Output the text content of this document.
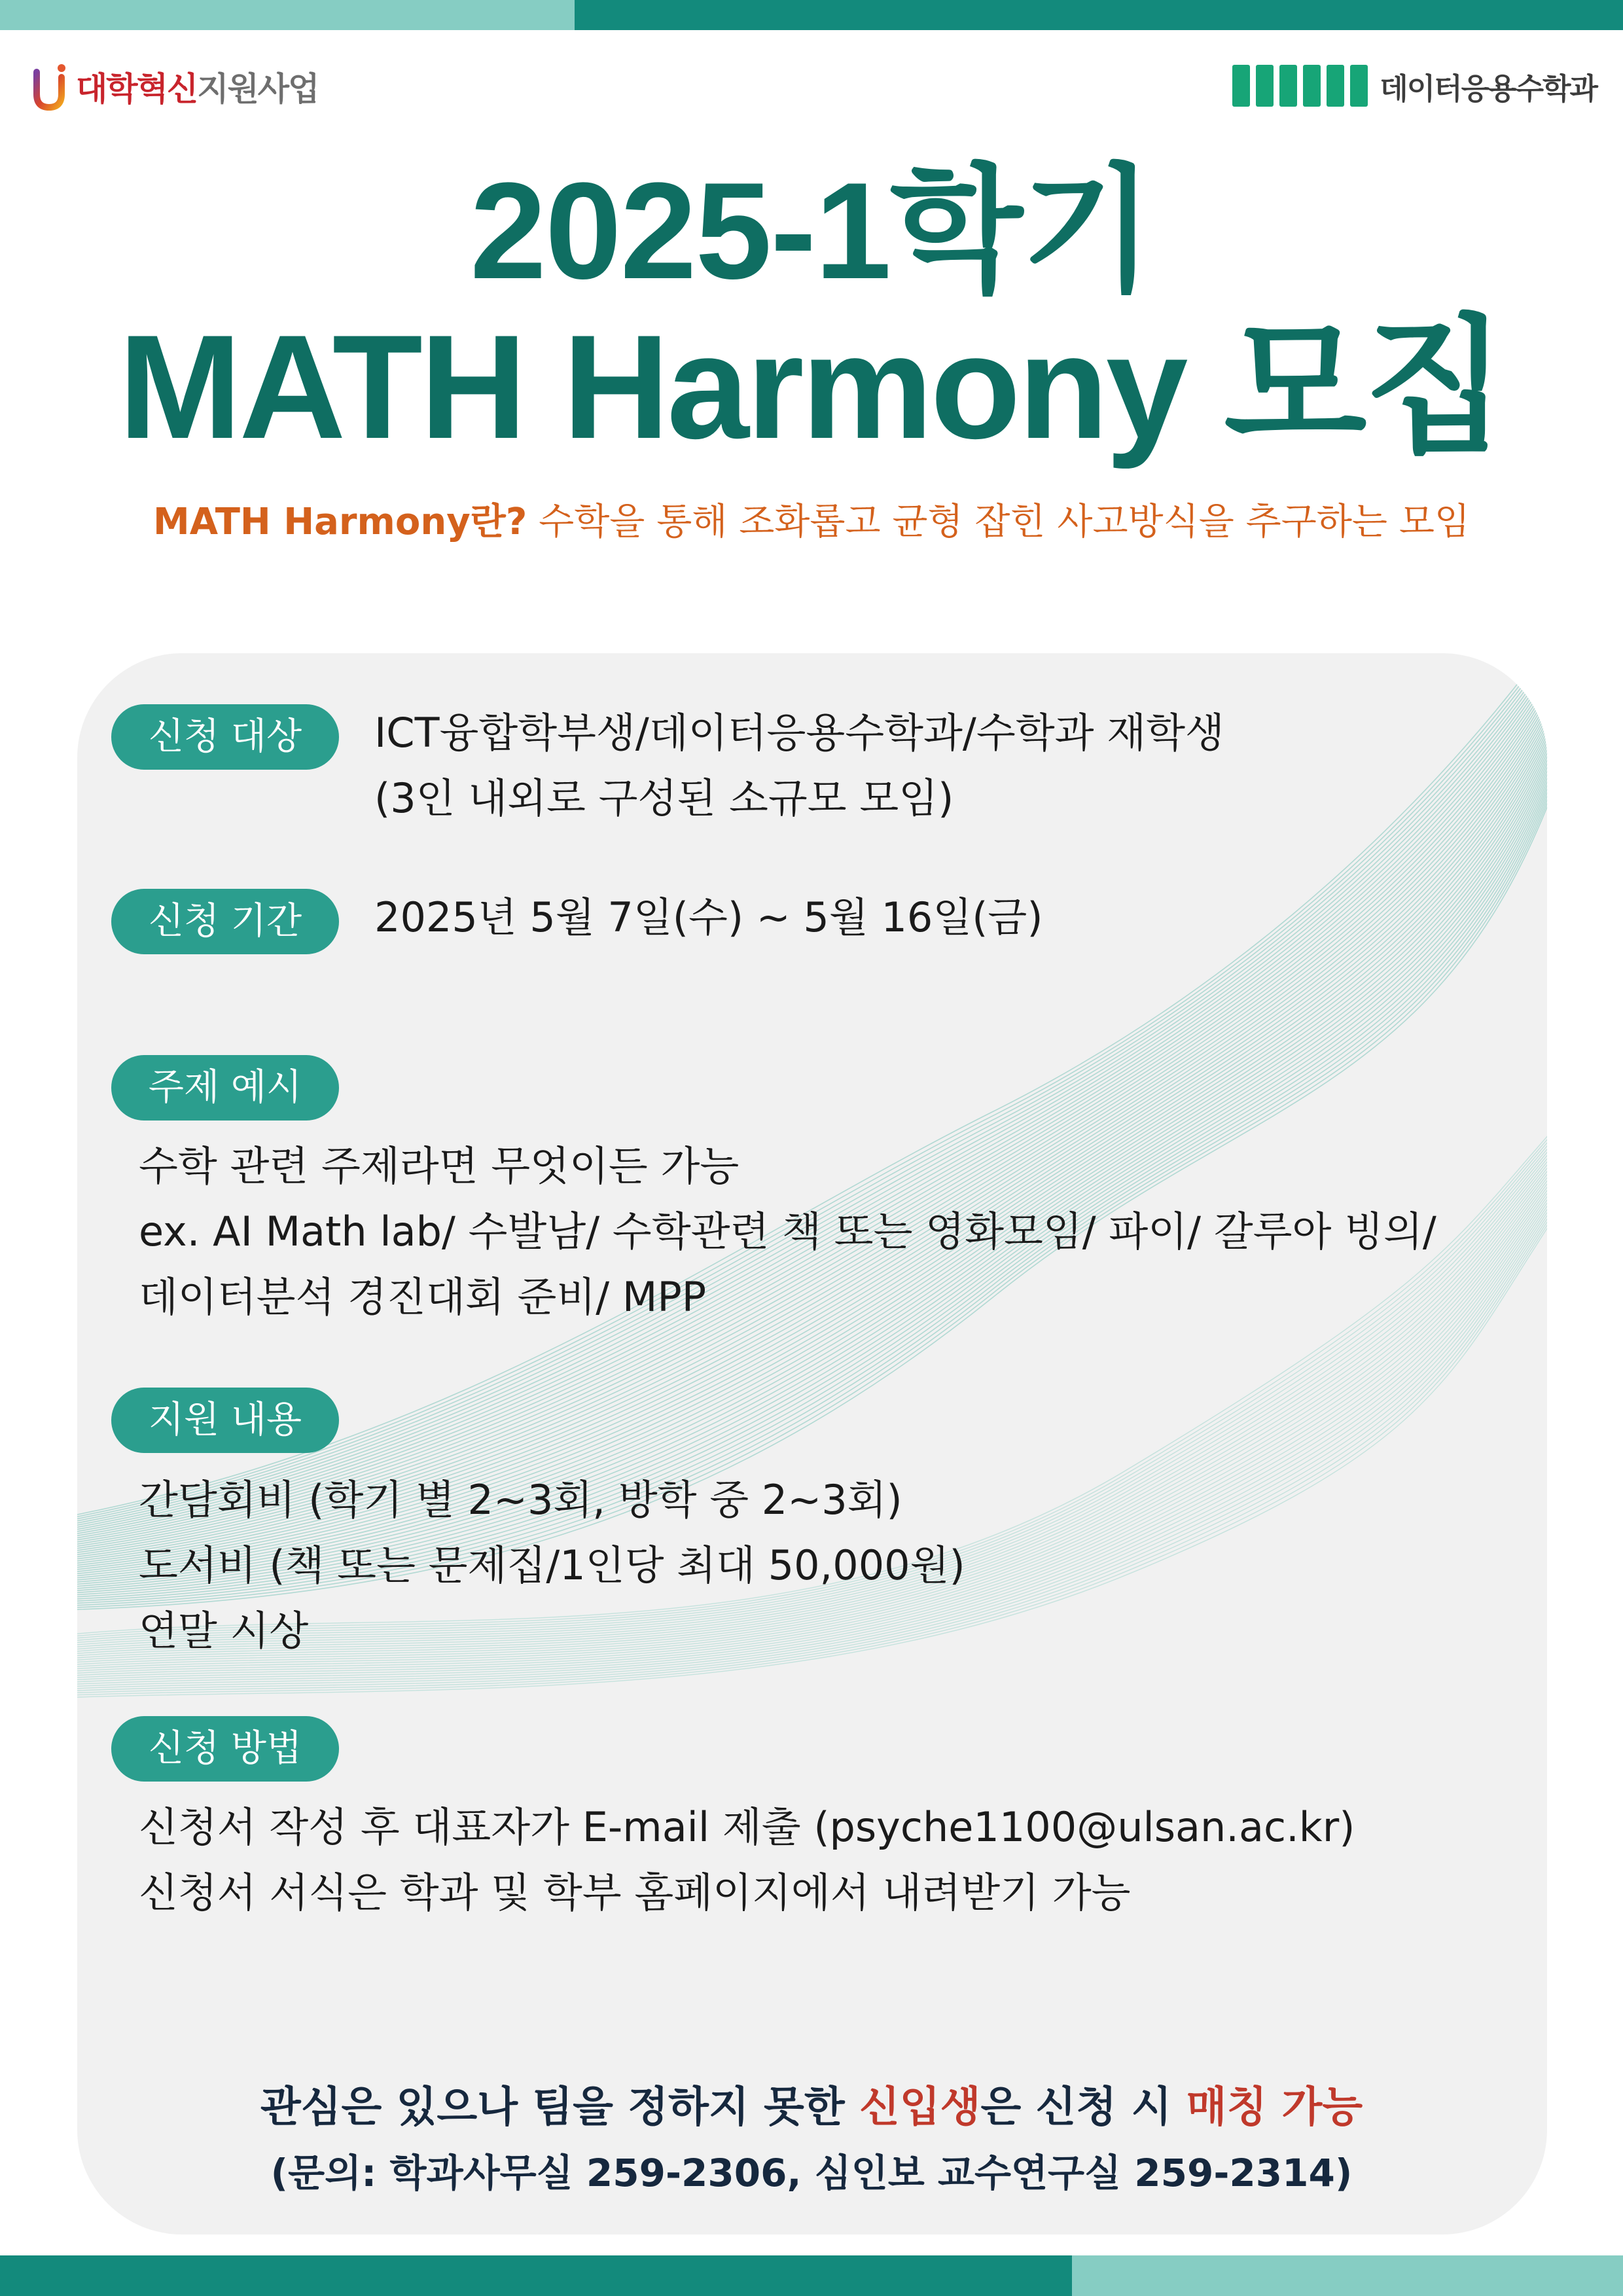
대학혁신 지원사업	데이터응용수학과
2025-1학기
MATH Harmony 모집
MATH Harmony란? 수학을 통해 조화롭고 균형 잡힌 사고방식을 추구하는 모임
신청 대상	ICT융합학부생/데이터응용수학과/수학과 재학생
(3인 내외로 구성된 소규모 모임)
신청 기간	2025년 5월 7일(수) ~ 5월 16일(금)
주제 예시
수학 관련 주제라면 무엇이든 가능
ex. AI Math lab/ 수발남/ 수학관련 책 또는 영화모임/ 파이/ 갈루아 빙의/
데이터분석 경진대회 준비/ MPP
지원 내용
간담회비 (학기 별 2~3회, 방학 중 2~3회)
도서비 (책 또는 문제집/1인당 최대 50,000원)
연말 시상
신청 방법
신청서 작성 후 대표자가 E-mail 제출 (psyche1100@ulsan.ac.kr)
신청서 서식은 학과 및 학부 홈페이지에서 내려받기 가능
관심은 있으나 팀을 정하지 못한 신입생은 신청 시 매칭 가능
(문의: 학과사무실 259-2306, 심인보 교수연구실 259-2314)
